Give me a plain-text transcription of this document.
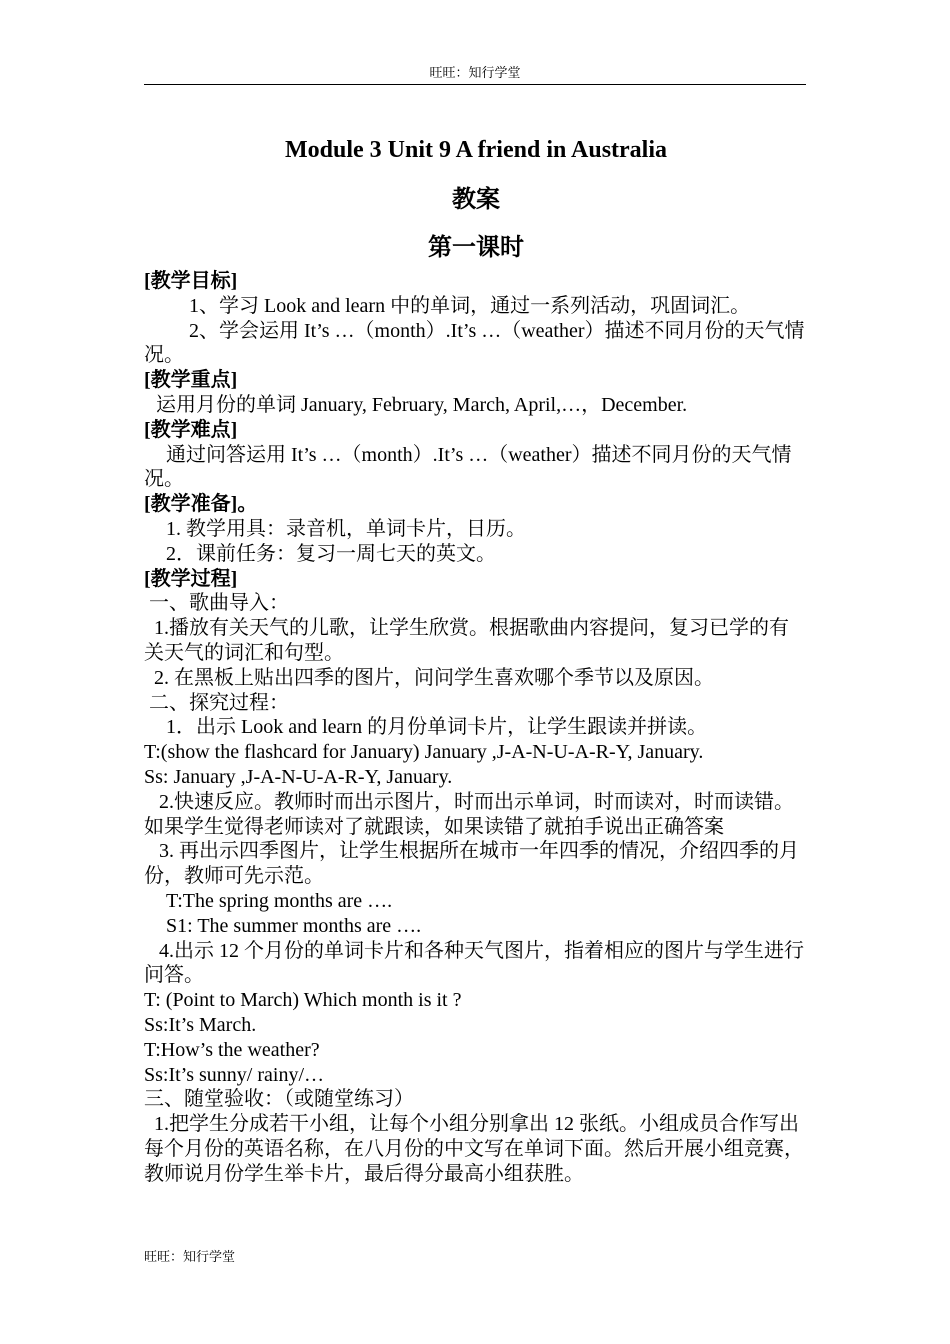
旺旺：知行学堂

Module 3 Unit 9 A friend in Australia

教案

第一课时

[教学目标]

1、学习 Look and learn 中的单词，通过一系列活动，巩固词汇。

2、学会运用 It’s …（month）.It’s …（weather）描述不同月份的天气情况。

[教学重点]

运用月份的单词 January, February, March, April,…，December.

[教学难点]

通过问答运用 It’s …（month）.It’s …（weather）描述不同月份的天气情况。

[教学准备]。

1. 教学用具：录音机，单词卡片，日历。

2．课前任务：复习一周七天的英文。

[教学过程]

一、歌曲导入：

1.播放有关天气的儿歌，让学生欣赏。根据歌曲内容提问，复习已学的有关天气的词汇和句型。

2. 在黑板上贴出四季的图片，问问学生喜欢哪个季节以及原因。

二、探究过程：

1．出示 Look and learn 的月份单词卡片，让学生跟读并拼读。

T:(show the flashcard for January) January ,J-A-N-U-A-R-Y, January.

Ss: January ,J-A-N-U-A-R-Y, January.

2.快速反应。教师时而出示图片，时而出示单词，时而读对，时而读错。如果学生觉得老师读对了就跟读，如果读错了就拍手说出正确答案

3. 再出示四季图片，让学生根据所在城市一年四季的情况，介绍四季的月份，教师可先示范。

T:The spring months are ….

S1: The summer months are ….

4.出示 12 个月份的单词卡片和各种天气图片，指着相应的图片与学生进行问答。

T: (Point to March) Which month is it ?

Ss:It’s March.

T:How’s the weather?

Ss:It’s sunny/ rainy/…

三、随堂验收：（或随堂练习）

1.把学生分成若干小组，让每个小组分别拿出 12 张纸。小组成员合作写出每个月份的英语名称，在八月份的中文写在单词下面。然后开展小组竞赛，教师说月份学生举卡片，最后得分最高小组获胜。

旺旺：知行学堂
